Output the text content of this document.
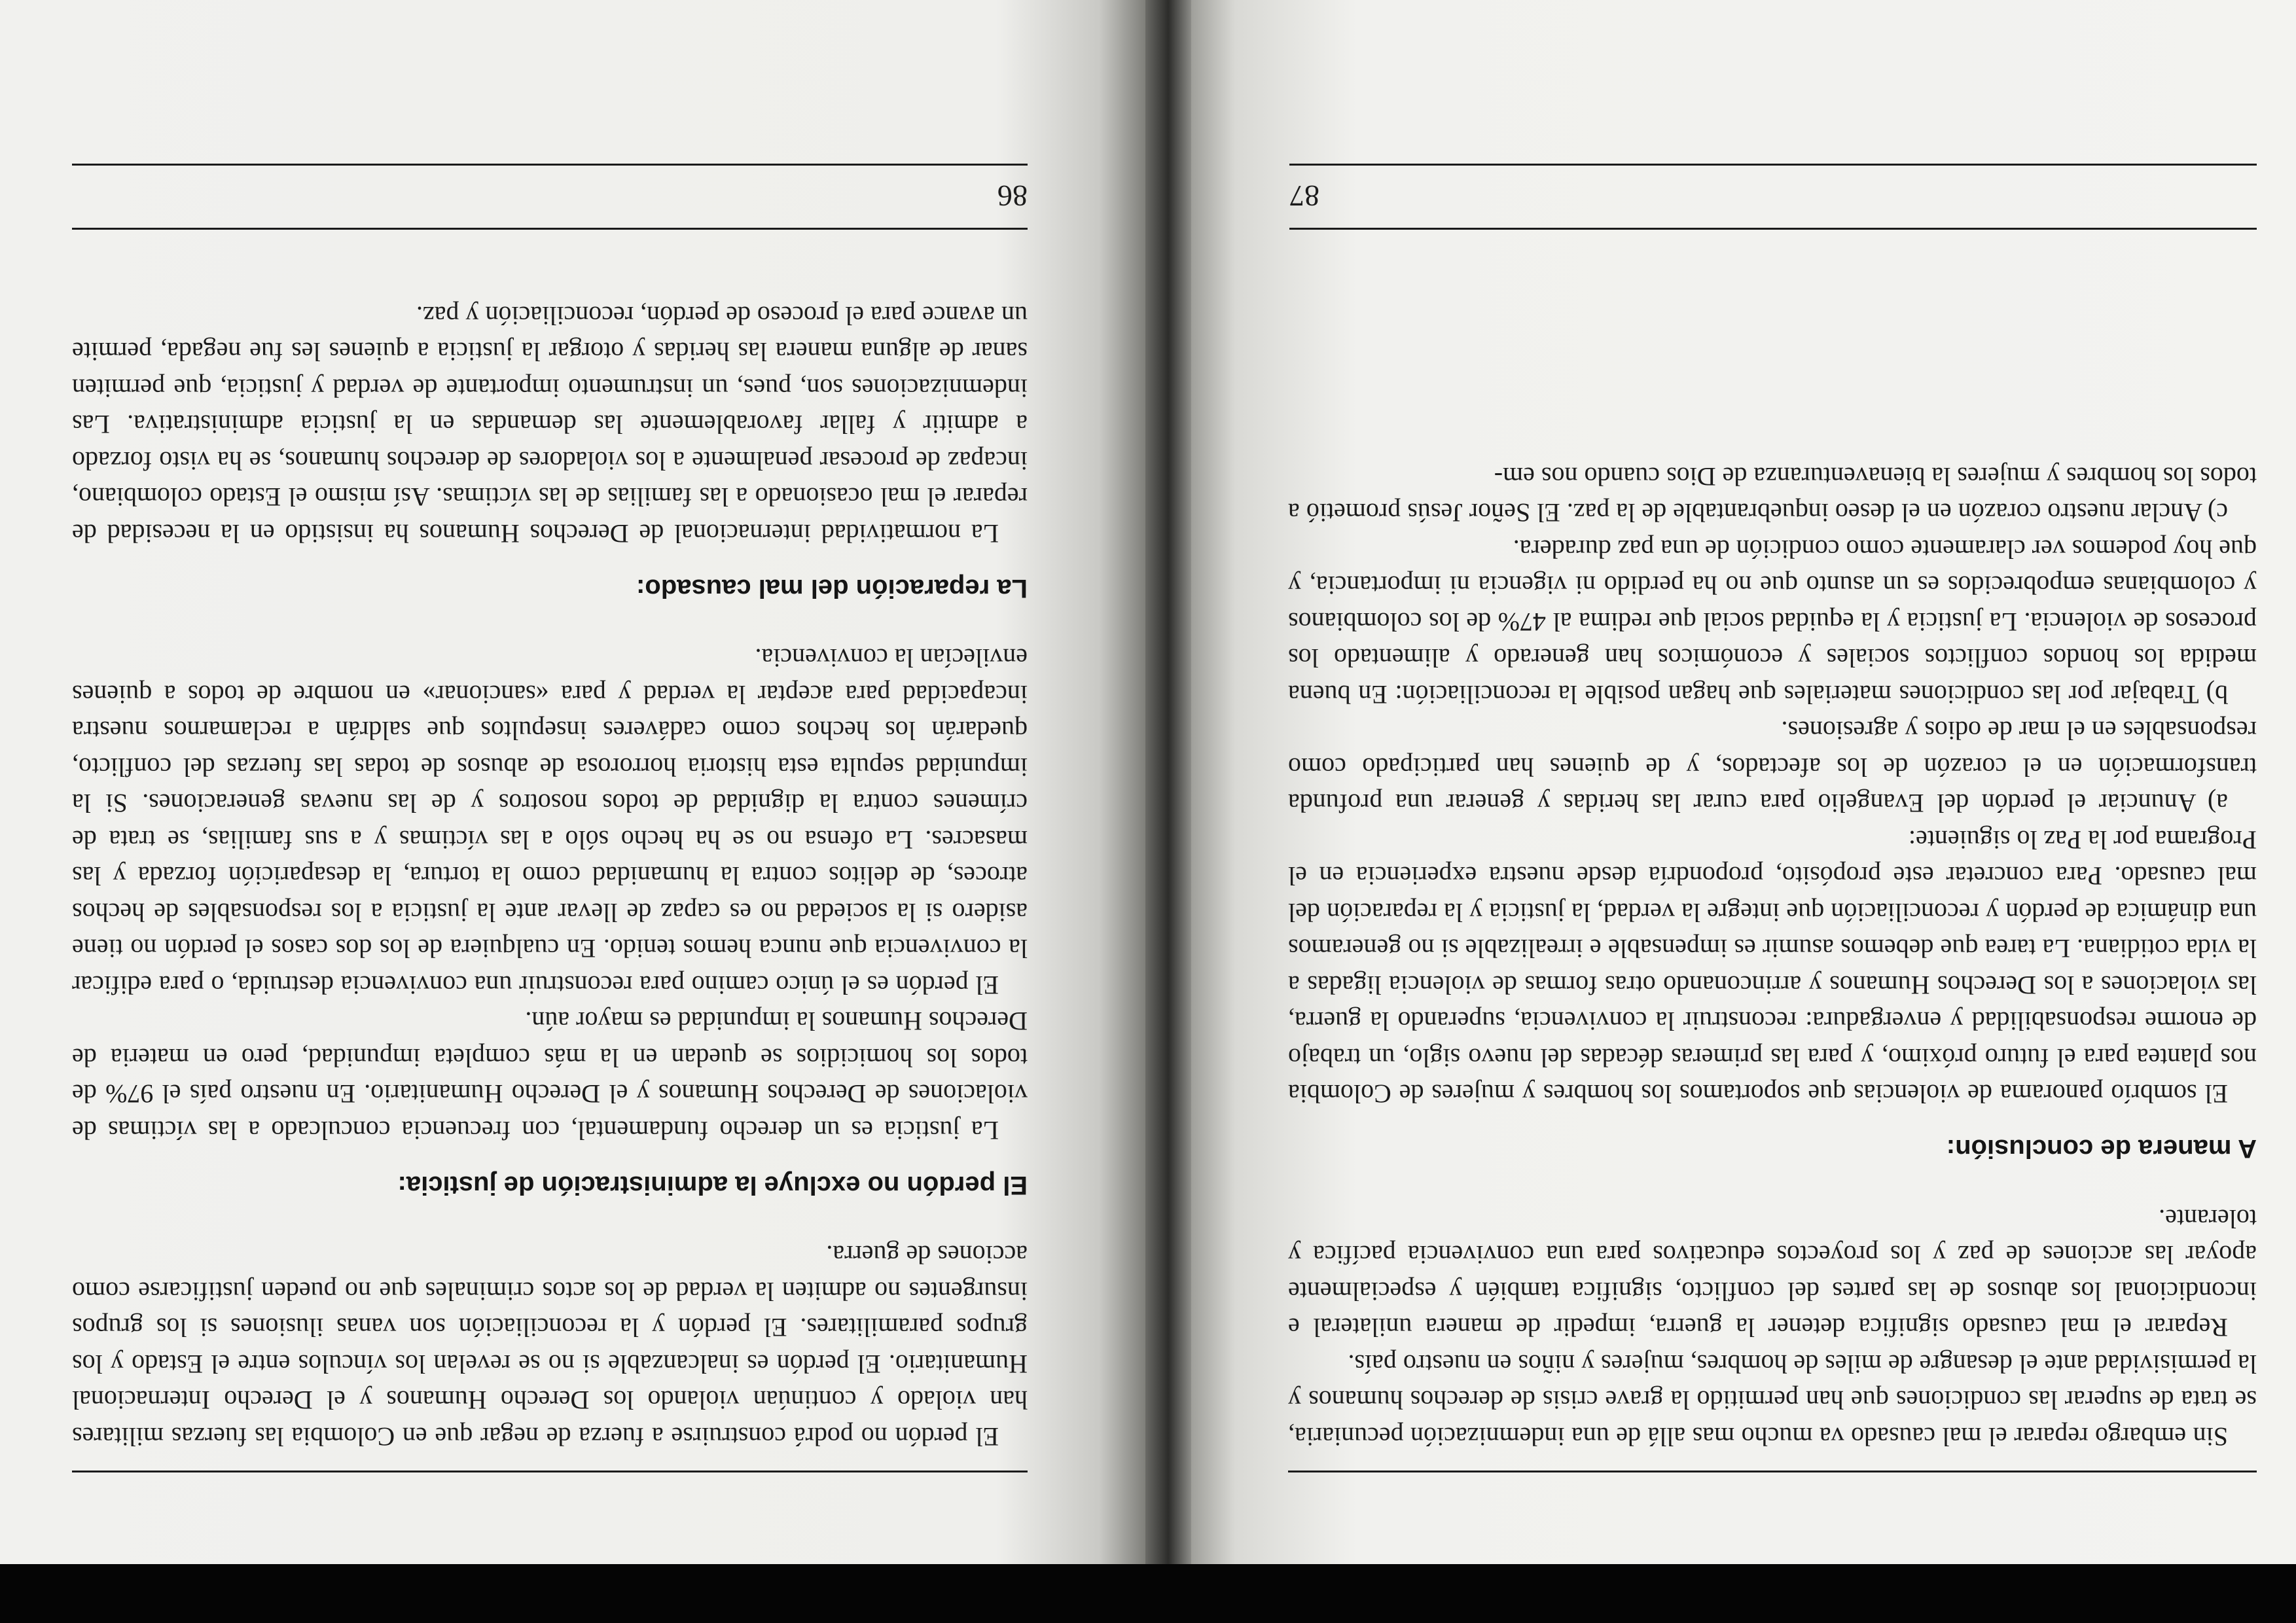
Sin embargo reparar el mal causado va mucho mas allá de una indemnización pecuniaria, se trata de superar las condiciones que han permitido la grave crisis de derechos humanos y la permisividad ante el desangre de miles de hombres, mujeres y niños en nuestro país.

Reparar el mal causado significa detener la guerra, impedir de manera unilateral e incondicional los abusos de las partes del conflicto, significa también y especialmente apoyar las acciones de paz y los proyectos educativos para una convivencia pacífica y tolerante.

A manera de conclusión:

El sombrío panorama de violencias que soportamos los hombres y mujeres de Colombia nos planteа para el futuro próximo, y para las primeras décadas del nuevo siglo, un trabajo de enorme responsabilidad y envergadura: reconstruir la convivencia, superando la guerra, las violaciones a los Derechos Humanos y arrinconando otras formas de violencia ligadas a la vida cotidiana. La tarea que debemos asumir es impensable e irrealizable si no generamos una dinámica de perdón y reconciliación que integre la verdad, la justicia y la reparación del mal causado. Para concretar este propósito, propondría desde nuestra experiencia en el Programa por la Paz lo siguiente:

a) Anunciar el perdón del Evangelio para curar las heridas y generar una profunda transformación en el corazón de los afectados, y de quienes han participado como responsables en el mar de odios y agresiones.

b) Trabajar por las condiciones materiales que hagan posible la reconciliación: En buena medida los hondos conflictos sociales y económicos han generado y alimentado los procesos de violencia. La justicia y la equidad social que redima al 47% de los colombianos y colombianas empobrecidos es un asunto que no ha perdido ni vigencia ni importancia, y que hoy podemos ver claramente como condición de una paz duradera.

c) Anclar nuestro corazón en el deseo inquebrantable de la paz. El Señor Jesús prometió a todos los hombres y mujeres la bienaventuranza de Dios cuando nos em-

87

El perdón no podrá construirse a fuerza de negar que en Colombia las fuerzas militares han violado y continúan violando los Derecho Humanos y el Derecho Internacional Humanitario. El perdón es inalcanzable si no se revelan los vínculos entre el Estado y los grupos paramilitares. El perdón y la reconciliación son vanas ilusiones si los grupos insurgentes no admiten la verdad de los actos criminales que no pueden justificarse como acciones de guerra.

El perdón no excluye la administración de justicia:

La justicia es un derecho fundamental, con frecuencia conculcado a las víctimas de violaciones de Derechos Humanos y el Derecho Humanitario. En nuestro país el 97% de todos los homicidios se quedan en la más completa impunidad, pero en materia de Derechos Humanos la impunidad es mayor aún.

El perdón es el único camino para reconstruir una convivencia destruida, o para edificar la convivencia que nunca hemos tenido. En cualquiera de los dos casos el perdón no tiene asidero si la sociedad no es capaz de llevar ante la justicia a los responsables de hechos atroces, de delitos contra la humanidad como la tortura, la desaparición forzada y las masacres. La ofensa no se ha hecho sólo a las víctimas y a sus familias, se trata de crímenes contra la dignidad de todos nosotros y de las nuevas generaciones. Si la impunidad sepulta esta historia horrorosa de abusos de todas las fuerzas del conflicto, quedarán los hechos como cadáveres insepultos que saldrán a reclamarnos nuestra incapacidad para aceptar la verdad y para «sancionar» en nombre de todos a quienes envilecían la convivencia.

La reparación del mal causado:

La normatividad internacional de Derechos Humanos ha insistido en la necesidad de reparar el mal ocasionado a las familias de las víctimas. Así mismo el Estado colombiano, incapaz de procesar penalmente a los violadores de derechos humanos, se ha visto forzado a admitir y fallar favorablemente las demandas en la justicia administrativa. Las indemnizaciones son, pues, un instrumento importante de verdad y justicia, que permiten sanar de alguna manera las heridas y otorgar la justicia a quienes les fue negada, permite un avance para el proceso de perdón, reconciliación y paz.

86
